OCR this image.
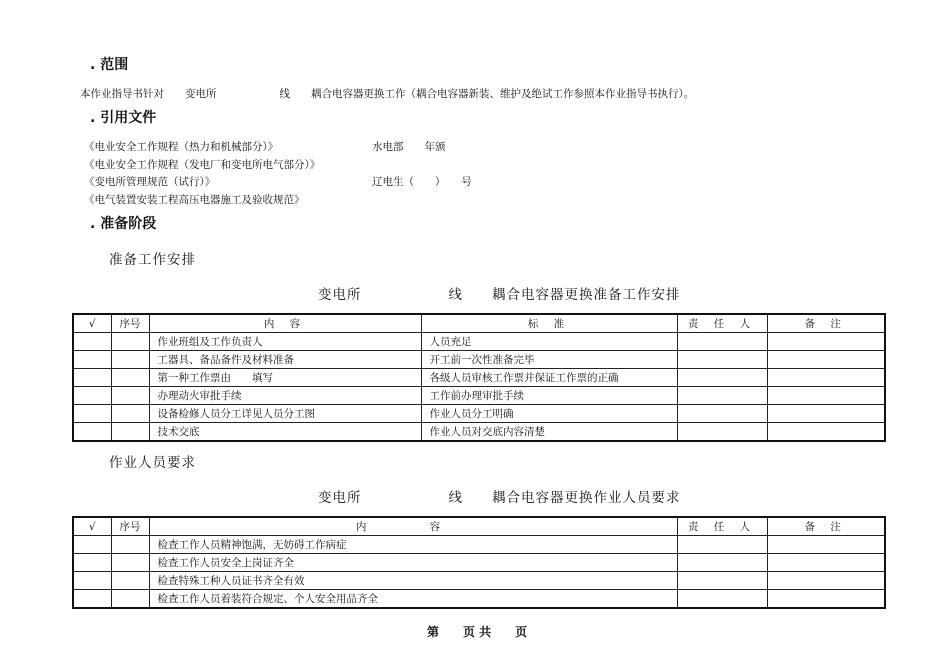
. 范围
本作业指导书针对　　变电所　　　　　　线　　耦合电容器更换工作（耦合电容器新装、维护及绝试工作参照本作业指导书执行）。
. 引用文件
《电业安全工作规程（热力和机械部分）》	水电部　　年颁
《电业安全工作规程（发电厂和变电所电气部分）》
《变电所管理规范（试行）》	辽电生（　　）　　号
《电气装置安装工程高压电器施工及验收规范》
. 准备阶段
准备工作安排
变电所　　　　　　线　　耦合电容器更换准备工作安排
√	序号	内 容	标 准	责 任 人	备 注
		作业班组及工作负责人	人员充足		
		工器具、备品备件及材料准备	开工前一次性准备完毕		
		第一种工作票由　　填写	各级人员审核工作票并保证工作票的正确		
		办理动火审批手续	工作前办理审批手续		
		设备检修人员分工详见人员分工图	作业人员分工明确		
		技术交底	作业人员对交底内容清楚		
作业人员要求
变电所　　　　　　线　　耦合电容器更换作业人员要求
√	序号	内 容	责 任 人	备 注
		检查工作人员精神饱满，无妨碍工作病症		
		检查工作人员安全上岗证齐全		
		检查特殊工种人员证书齐全有效		
		检查工作人员着装符合规定、个人安全用品齐全		
第　　页 共　　页
